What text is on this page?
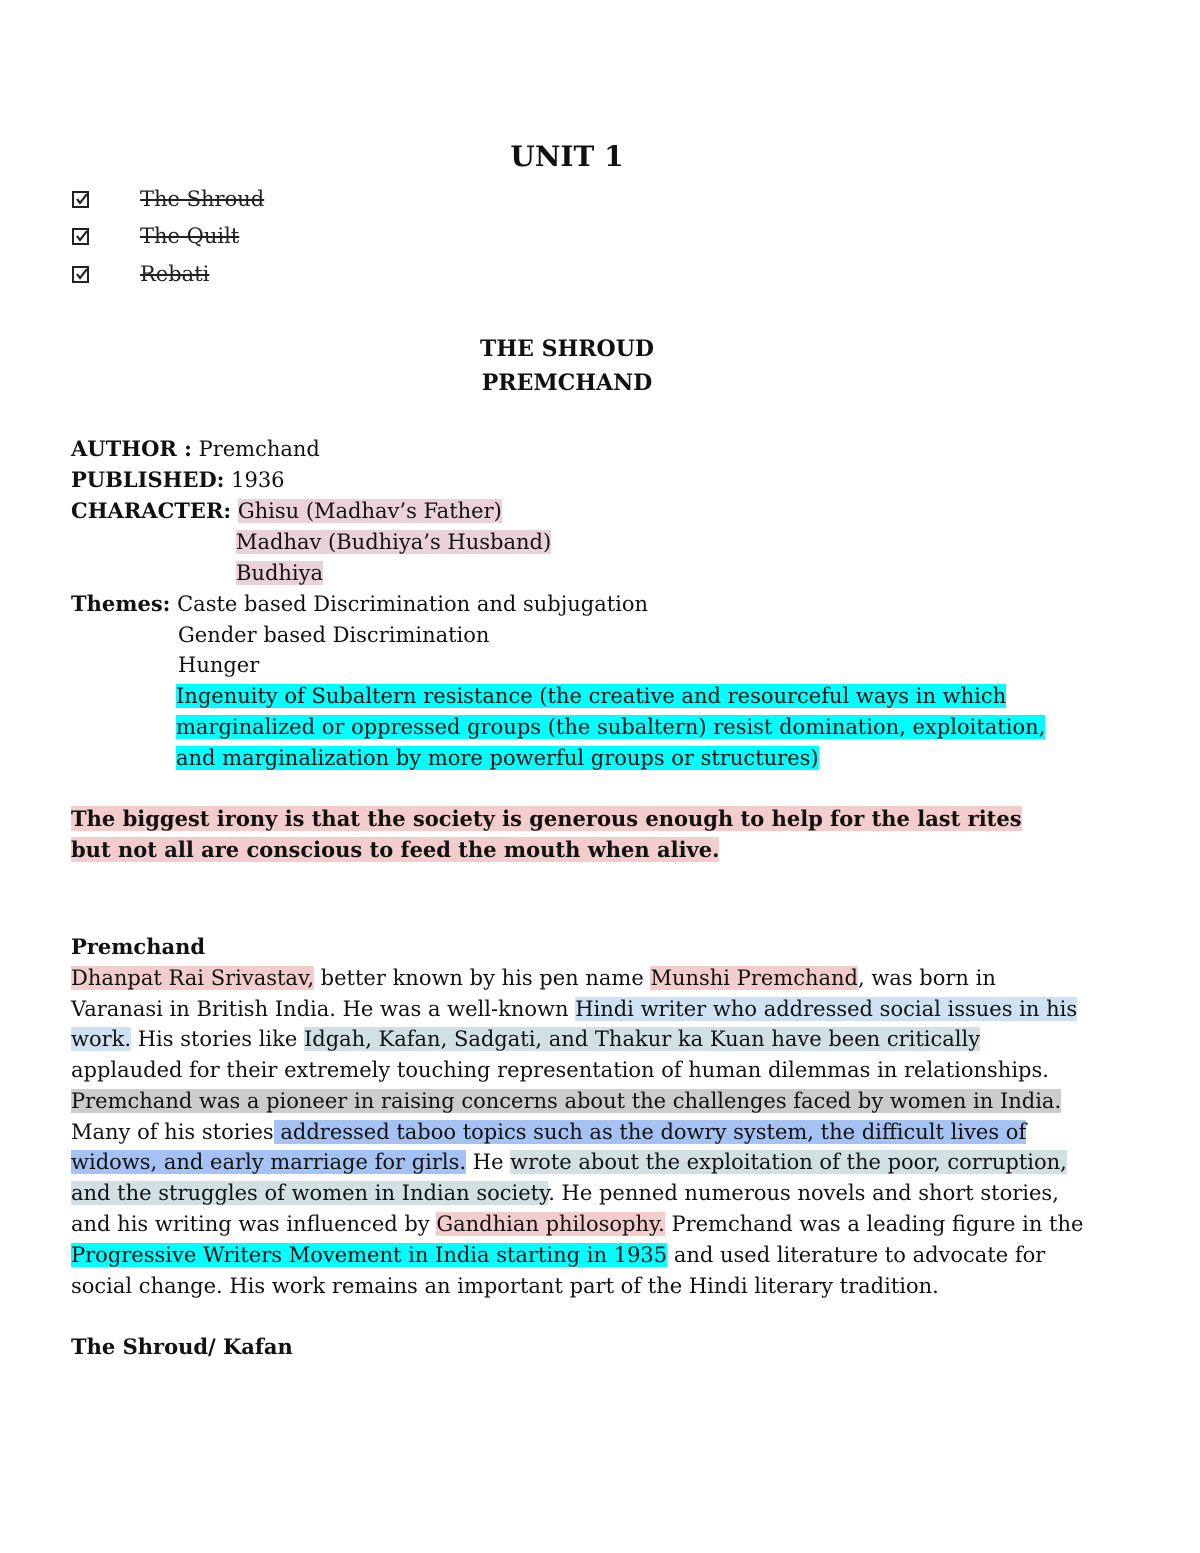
UNIT 1
The Shroud
The Quilt
Rebati
THE SHROUD
PREMCHAND
AUTHOR : Premchand
PUBLISHED: 1936
CHARACTER: Ghisu (Madhav’s Father)
Madhav (Budhiya’s Husband)
Budhiya
Themes: Caste based Discrimination and subjugation
Gender based Discrimination
Hunger
Ingenuity of Subaltern resistance (the creative and resourceful ways in which
marginalized or oppressed groups (the subaltern) resist domination, exploitation,
and marginalization by more powerful groups or structures)
The biggest irony is that the society is generous enough to help for the last rites
but not all are conscious to feed the mouth when alive.
Premchand
Dhanpat Rai Srivastav, better known by his pen name Munshi Premchand, was born in
Varanasi in British India. He was a well-known Hindi writer who addressed social issues in his
work. His stories like Idgah, Kafan, Sadgati, and Thakur ka Kuan have been critically
applauded for their extremely touching representation of human dilemmas in relationships.
Premchand was a pioneer in raising concerns about the challenges faced by women in India.
Many of his stories addressed taboo topics such as the dowry system, the difficult lives of
widows, and early marriage for girls. He wrote about the exploitation of the poor, corruption,
and the struggles of women in Indian society. He penned numerous novels and short stories,
and his writing was influenced by Gandhian philosophy. Premchand was a leading figure in the
Progressive Writers Movement in India starting in 1935 and used literature to advocate for
social change. His work remains an important part of the Hindi literary tradition.
The Shroud/ Kafan
